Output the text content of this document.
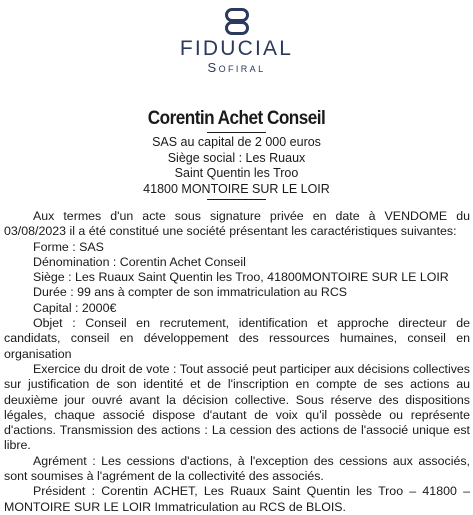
FIDUCIAL
Sofiral
Corentin Achet Conseil
SAS au capital de 2 000 euros
Siège social : Les Ruaux
Saint Quentin les Troo
41800 MONTOIRE SUR LE LOIR

Aux termes d'un acte sous signature privée en date à VENDOME du 03/08/2023 il a été constitué une société présentant les caractéristiques suivantes:

Forme : SAS

Dénomination : Corentin Achet Conseil

Siège : Les Ruaux Saint Quentin les Troo, 41800MONTOIRE SUR LE LOIR

Durée : 99 ans à compter de son immatriculation au RCS

Capital : 2000€

Objet : Conseil en recrutement, identification et approche directeur de candidats, conseil en développement des ressources humaines, conseil en organisation

Exercice du droit de vote : Tout associé peut participer aux décisions collectives sur justification de son identité et de l'inscription en compte de ses actions au deuxième jour ouvré avant la décision collective. Sous réserve des dispositions légales, chaque associé dispose d'autant de voix qu'il possède ou représente d'actions. Transmission des actions : La cession des actions de l'associé unique est libre.

Agrément : Les cessions d'actions, à l'exception des cessions aux associés, sont soumises à l'agrément de la collectivité des associés.

Président : Corentin ACHET, Les Ruaux Saint Quentin les Troo – 41800 – MONTOIRE SUR LE LOIR Immatriculation au RCS de BLOIS.
